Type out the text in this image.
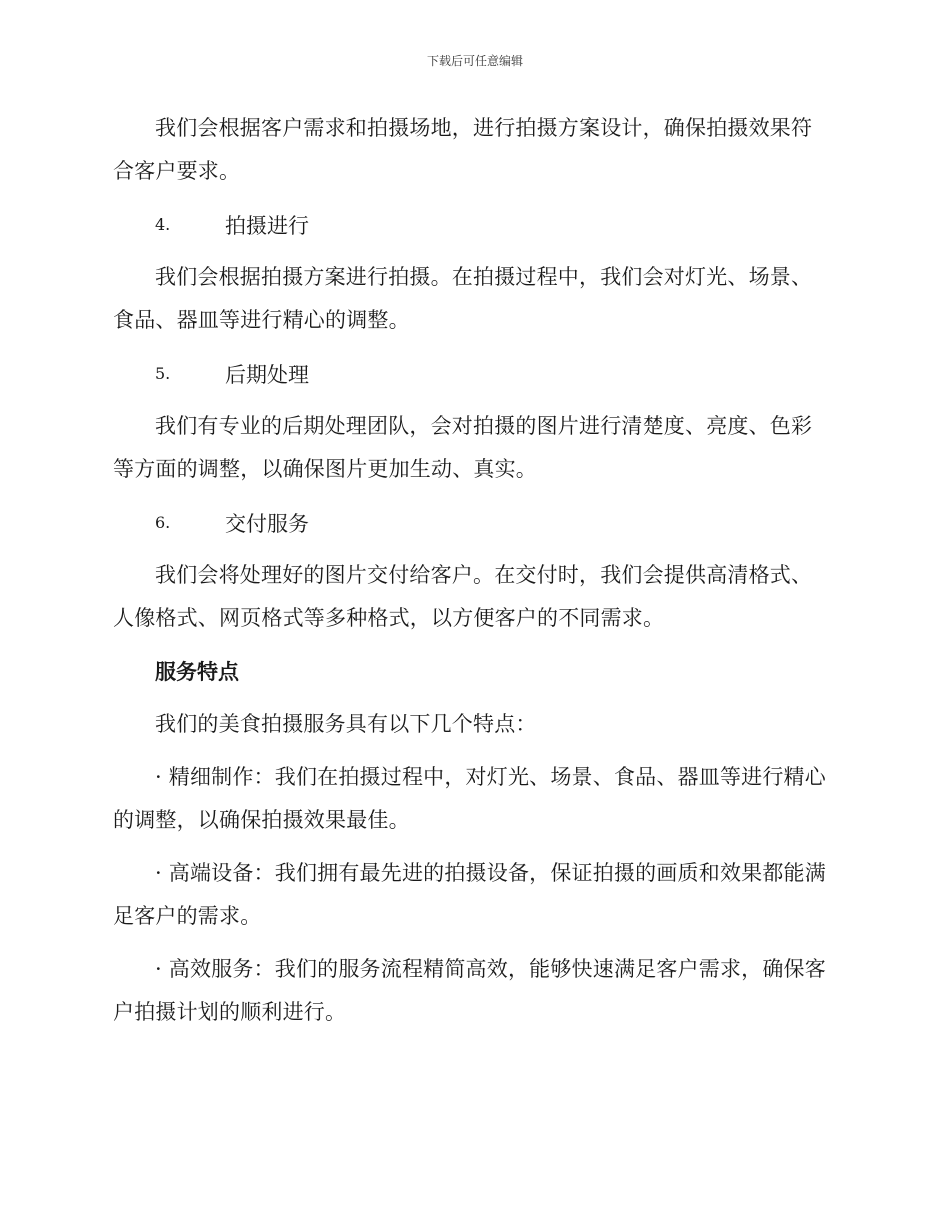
下载后可任意编辑

我们会根据客户需求和拍摄场地，进行拍摄方案设计，确保拍摄效果符合客户要求。

4.	拍摄进行

我们会根据拍摄方案进行拍摄。在拍摄过程中，我们会对灯光、场景、食品、器皿等进行精心的调整。

5.	后期处理

我们有专业的后期处理团队，会对拍摄的图片进行清楚度、亮度、色彩等方面的调整，以确保图片更加生动、真实。

6.	交付服务

我们会将处理好的图片交付给客户。在交付时，我们会提供高清格式、人像格式、网页格式等多种格式，以方便客户的不同需求。

服务特点

我们的美食拍摄服务具有以下几个特点：

· 精细制作：我们在拍摄过程中，对灯光、场景、食品、器皿等进行精心的调整，以确保拍摄效果最佳。

· 高端设备：我们拥有最先进的拍摄设备，保证拍摄的画质和效果都能满足客户的需求。

· 高效服务：我们的服务流程精简高效，能够快速满足客户需求，确保客户拍摄计划的顺利进行。
